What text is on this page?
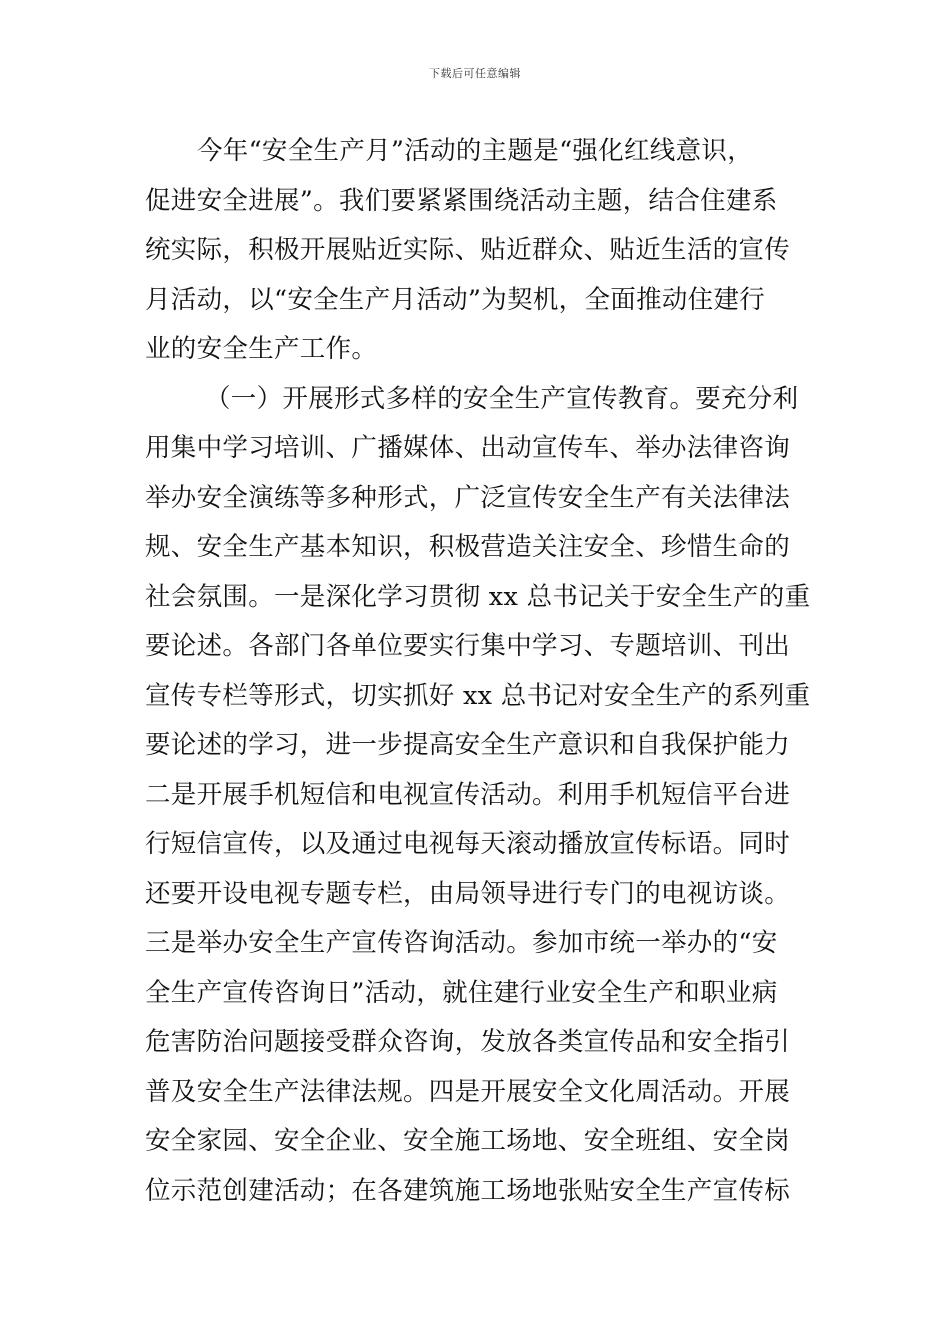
下载后可任意编辑
今年“安全生产月”活动的主题是“强化红线意识，
促进安全进展”。我们要紧紧围绕活动主题，结合住建系
统实际，积极开展贴近实际、贴近群众、贴近生活的宣传
月活动，以“安全生产月活动”为契机，全面推动住建行
业的安全生产工作。
（一）开展形式多样的安全生产宣传教育。要充分利
用集中学习培训、广播媒体、出动宣传车、举办法律咨询
举办安全演练等多种形式，广泛宣传安全生产有关法律法
规、安全生产基本知识，积极营造关注安全、珍惜生命的
社会氛围。一是深化学习贯彻 xx 总书记关于安全生产的重
要论述。各部门各单位要实行集中学习、专题培训、刊出
宣传专栏等形式，切实抓好 xx 总书记对安全生产的系列重
要论述的学习，进一步提高安全生产意识和自我保护能力
二是开展手机短信和电视宣传活动。利用手机短信平台进
行短信宣传，以及通过电视每天滚动播放宣传标语。同时
还要开设电视专题专栏，由局领导进行专门的电视访谈。
三是举办安全生产宣传咨询活动。参加市统一举办的“安
全生产宣传咨询日”活动，就住建行业安全生产和职业病
危害防治问题接受群众咨询，发放各类宣传品和安全指引
普及安全生产法律法规。四是开展安全文化周活动。开展
安全家园、安全企业、安全施工场地、安全班组、安全岗
位示范创建活动；在各建筑施工场地张贴安全生产宣传标
